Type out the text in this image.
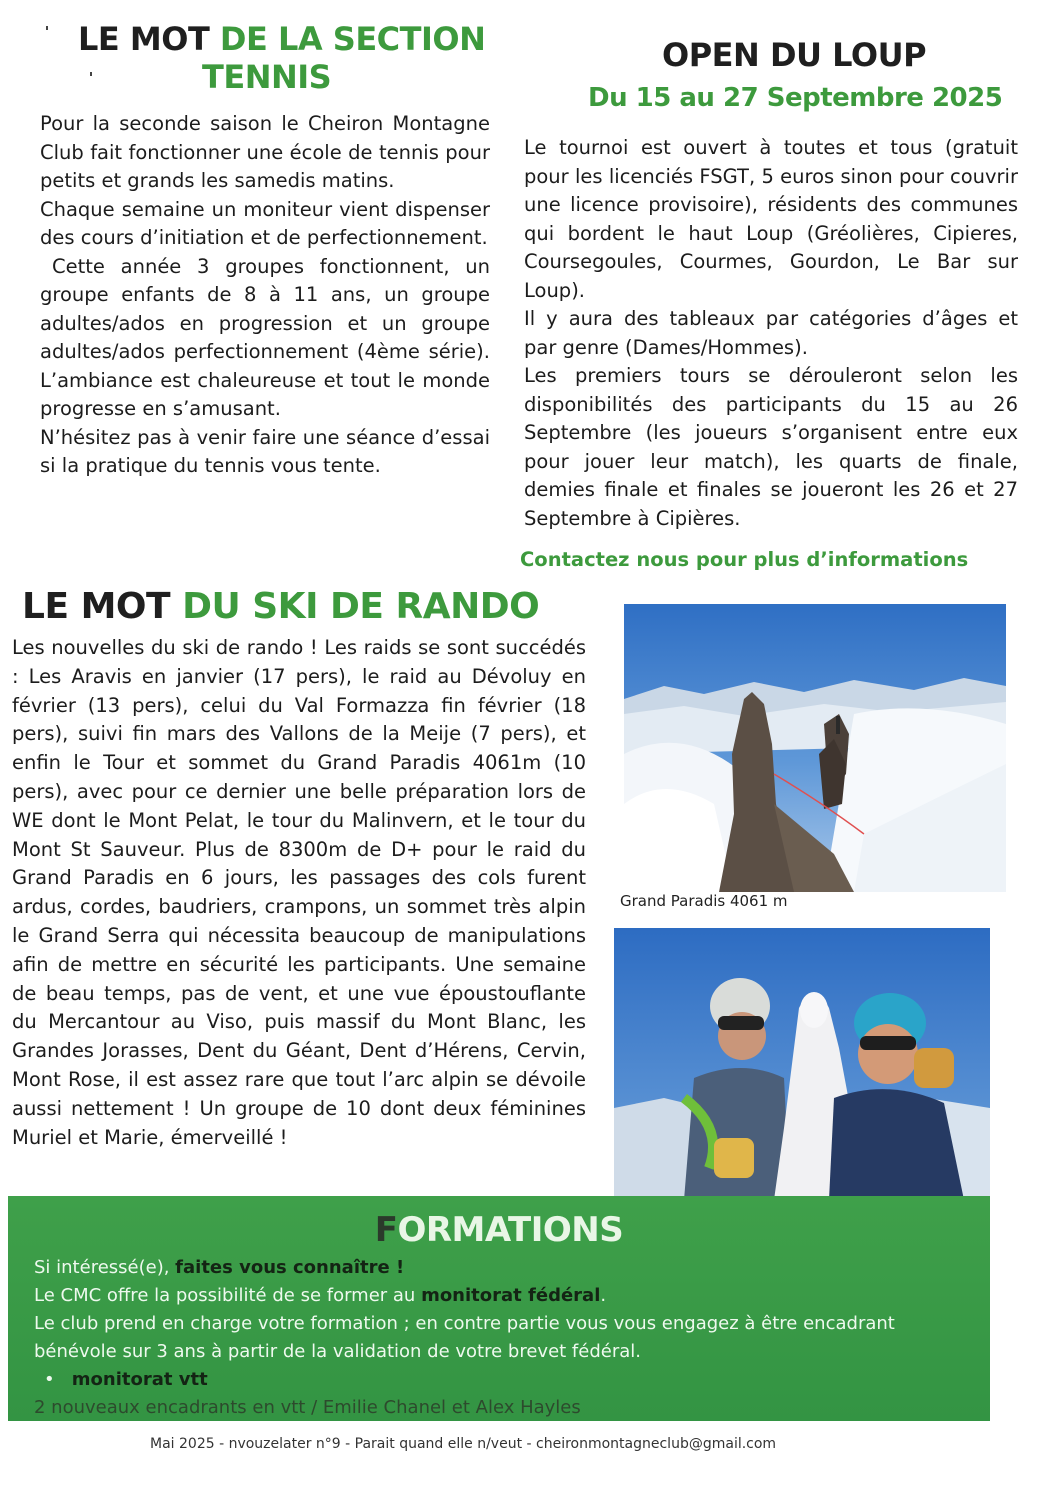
LE MOT DE LA SECTION
TENNIS

Pour la seconde saison le Cheiron Montagne Club fait fonctionner une école de tennis pour petits et grands les samedis matins.

Chaque semaine un moniteur vient dispenser des cours d’initiation et de perfectionnement.

Cette année 3 groupes fonctionnent, un groupe enfants de 8 à 11 ans, un groupe adultes/ados en progression et un groupe adultes/ados perfectionnement (4ème série). L’ambiance est chaleureuse et tout le monde progresse en s’amusant.

N’hésitez pas à venir faire une séance d’essai si la pratique du tennis vous tente.

OPEN DU LOUP
Du 15 au 27 Septembre 2025

Le tournoi est ouvert à toutes et tous (gratuit pour les licenciés FSGT, 5 euros sinon pour couvrir une licence provisoire), résidents des communes qui bordent le haut Loup (Gréolières, Cipieres, Coursegoules, Courmes, Gourdon, Le Bar sur Loup).

Il y aura des tableaux par catégories d’âges et par genre (Dames/Hommes).

Les premiers tours se dérouleront selon les disponibilités des participants du 15 au 26 Septembre (les joueurs s’organisent entre eux pour jouer leur match), les quarts de finale, demies finale et finales se joueront les 26 et 27 Septembre à Cipières.

Contactez nous pour plus d’informations
LE MOT DU SKI DE RANDO

Les nouvelles du ski de rando ! Les raids se sont succédés : Les Aravis en janvier (17 pers), le raid au Dévoluy en février (13 pers), celui du Val Formazza fin février (18 pers), suivi fin mars des Vallons de la Meije (7 pers), et enfin le Tour et sommet du Grand Paradis 4061m (10 pers), avec pour ce dernier une belle préparation lors de WE dont le Mont Pelat, le tour du Malinvern, et le tour du Mont St Sauveur. Plus de 8300m de D+ pour le raid du Grand Paradis en 6 jours, les passages des cols furent ardus, cordes, baudriers, crampons, un sommet très alpin le Grand Serra qui nécessita beaucoup de manipulations afin de mettre en sécurité les participants. Une semaine de beau temps, pas de vent, et une vue époustouflante du Mercantour au Viso, puis massif du Mont Blanc, les Grandes Jorasses, Dent du Géant, Dent d’Hérens, Cervin, Mont Rose, il est assez rare que tout l’arc alpin se dévoile aussi nettement ! Un groupe de 10 dont deux féminines Muriel et Marie, émerveillé !

Grand Paradis 4061 m
FORMATIONS

Si intéressé(e), faites vous connaître !

Le CMC offre la possibilité de se former au monitorat fédéral.

Le club prend en charge votre formation ; en contre partie vous vous engagez à être encadrant bénévole sur 3 ans à partir de la validation de votre brevet fédéral.

•   monitorat vtt

2 nouveaux encadrants en vtt / Emilie Chanel et Alex Hayles

Mai 2025 - nvouzelater n°9 - Parait quand elle n/veut - cheironmontagneclub@gmail.com
